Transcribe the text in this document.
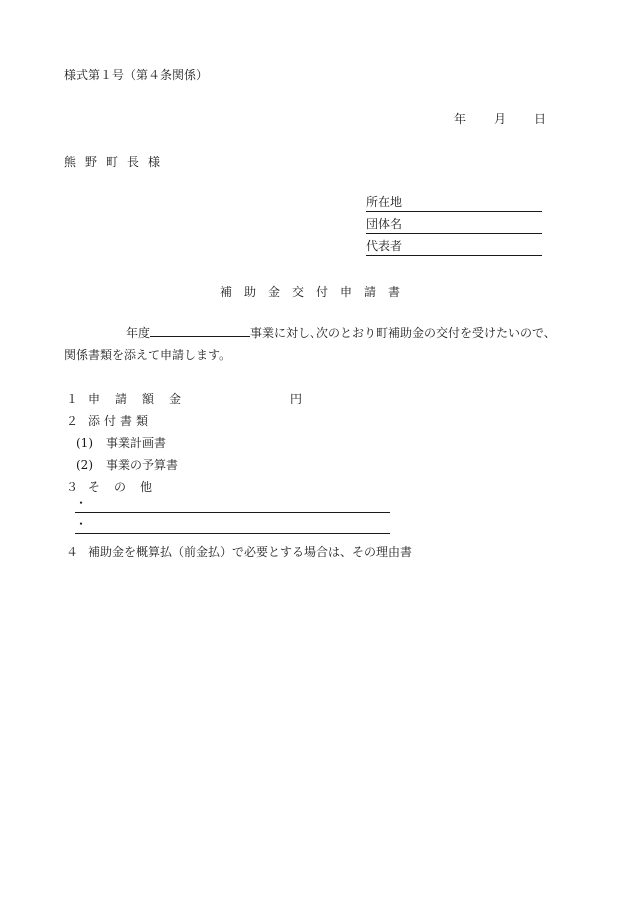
様式第１号（第４条関係）
年 月 日
熊野町長様
所在地
団体名
代表者
補助金交付申請書
年度	事業に対し､次のとおり町補助金の交付を受けたいので、
関係書類を添えて申請します。
１ 申請額金	円
２ 添付書類
(1) 事業計画書
(2) 事業の予算書
３ その他
・
・
４ 補助金を概算払（前金払）で必要とする場合は、その理由書
